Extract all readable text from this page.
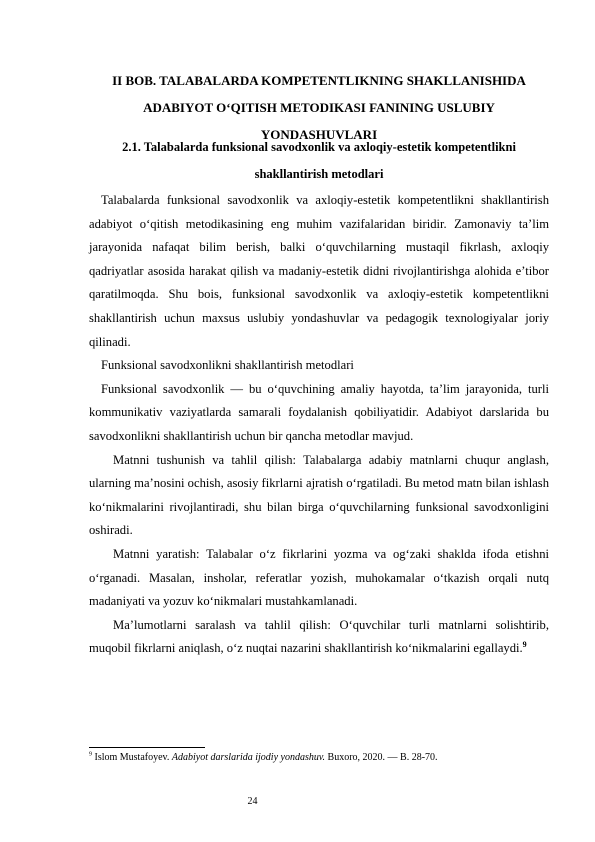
II BOB. TALABALARDA KOMPETENTLIKNING SHAKLLANISHIDA ADABIYOT O‘QITISH METODIKASI FANINING USLUBIY YONDASHUVLARI
2.1. Talabalarda funksional savodxonlik va axloqiy-estetik kompetentlikni shakllantirish metodlari

Talabalarda funksional savodxonlik va axloqiy-estetik kompetentlikni shakllantirish adabiyot o‘qitish metodikasining eng muhim vazifalaridan biridir. Zamonaviy ta’lim jarayonida nafaqat bilim berish, balki o‘quvchilarning mustaqil fikrlash, axloqiy qadriyatlar asosida harakat qilish va madaniy-estetik didni rivojlantirishga alohida e’tibor qaratilmoqda. Shu bois, funksional savodxonlik va axloqiy-estetik kompetentlikni shakllantirish uchun maxsus uslubiy yondashuvlar va pedagogik texnologiyalar joriy qilinadi.

Funksional savodxonlikni shakllantirish metodlari

Funksional savodxonlik — bu o‘quvchining amaliy hayotda, ta’lim jarayonida, turli kommunikativ vaziyatlarda samarali foydalanish qobiliyatidir. Adabiyot darslarida bu savodxonlikni shakllantirish uchun bir qancha metodlar mavjud.

Matnni tushunish va tahlil qilish: Talabalarga adabiy matnlarni chuqur anglash, ularning ma’nosini ochish, asosiy fikrlarni ajratish o‘rgatiladi. Bu metod matn bilan ishlash ko‘nikmalarini rivojlantiradi, shu bilan birga o‘quvchilarning funksional savodxonligini oshiradi.

Matnni yaratish: Talabalar o‘z fikrlarini yozma va og‘zaki shaklda ifoda etishni o‘rganadi. Masalan, insholar, referatlar yozish, muhokamalar o‘tkazish orqali nutq madaniyati va yozuv ko‘nikmalari mustahkamlanadi.

Ma’lumotlarni saralash va tahlil qilish: O‘quvchilar turli matnlarni solishtirib, muqobil fikrlarni aniqlash, o‘z nuqtai nazarini shakllantirish ko‘nikmalarini egallaydi.$^9$

$^9$ Islom Mustafoyev. Adabiyot darslarida ijodiy yondashuv. Buxoro, 2020. — B. 28-70.
24
